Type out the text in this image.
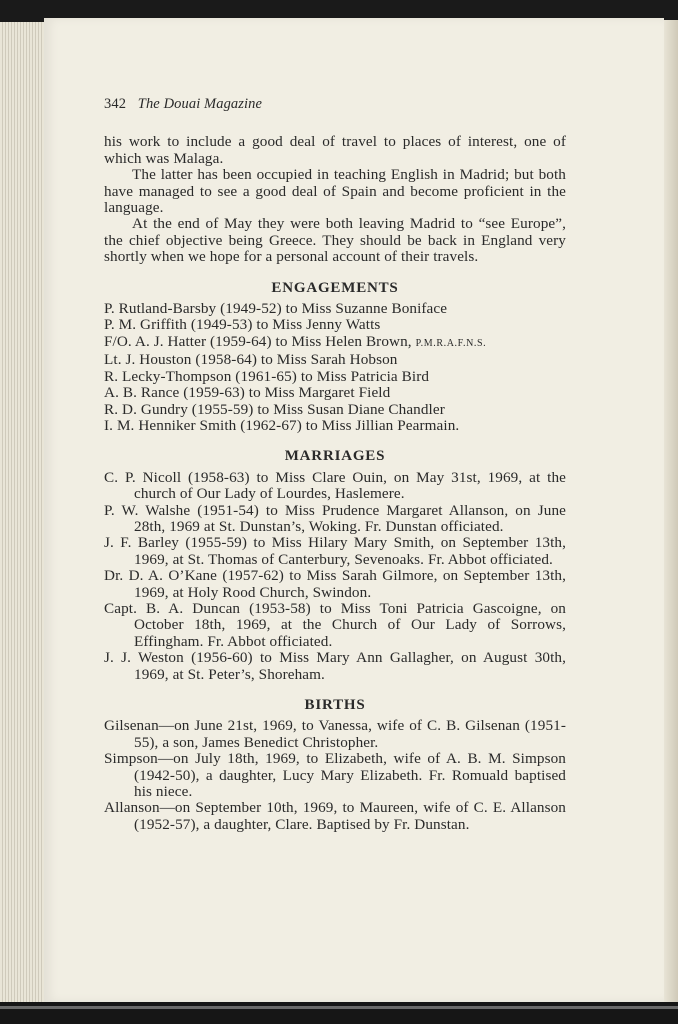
342 The Douai Magazine

his work to include a good deal of travel to places of interest, one of which was Malaga.

The latter has been occupied in teaching English in Madrid; but both have managed to see a good deal of Spain and become proficient in the language.

At the end of May they were both leaving Madrid to “see Europe”, the chief objective being Greece. They should be back in England very shortly when we hope for a personal account of their travels.

ENGAGEMENTS
P. Rutland-Barsby (1949-52) to Miss Suzanne Boniface
P. M. Griffith (1949-53) to Miss Jenny Watts
F/O. A. J. Hatter (1959-64) to Miss Helen Brown, P.M.R.A.F.N.S.
Lt. J. Houston (1958-64) to Miss Sarah Hobson
R. Lecky-Thompson (1961-65) to Miss Patricia Bird
A. B. Rance (1959-63) to Miss Margaret Field
R. D. Gundry (1955-59) to Miss Susan Diane Chandler
I. M. Henniker Smith (1962-67) to Miss Jillian Pearmain.
MARRIAGES

C. P. Nicoll (1958-63) to Miss Clare Ouin, on May 31st, 1969, at the church of Our Lady of Lourdes, Haslemere.

P. W. Walshe (1951-54) to Miss Prudence Margaret Allanson, on June 28th, 1969 at St. Dunstan’s, Woking. Fr. Dunstan officiated.

J. F. Barley (1955-59) to Miss Hilary Mary Smith, on September 13th, 1969, at St. Thomas of Canterbury, Sevenoaks. Fr. Abbot officiated.

Dr. D. A. O’Kane (1957-62) to Miss Sarah Gilmore, on September 13th, 1969, at Holy Rood Church, Swindon.

Capt. B. A. Duncan (1953-58) to Miss Toni Patricia Gascoigne, on October 18th, 1969, at the Church of Our Lady of Sorrows, Effingham. Fr. Abbot officiated.

J. J. Weston (1956-60) to Miss Mary Ann Gallagher, on August 30th, 1969, at St. Peter’s, Shoreham.

BIRTHS

Gilsenan—on June 21st, 1969, to Vanessa, wife of C. B. Gilsenan (1951-55), a son, James Benedict Christopher.

Simpson—on July 18th, 1969, to Elizabeth, wife of A. B. M. Simpson (1942-50), a daughter, Lucy Mary Elizabeth. Fr. Romuald baptised his niece.

Allanson—on September 10th, 1969, to Maureen, wife of C. E. Allanson (1952-57), a daughter, Clare. Baptised by Fr. Dunstan.
